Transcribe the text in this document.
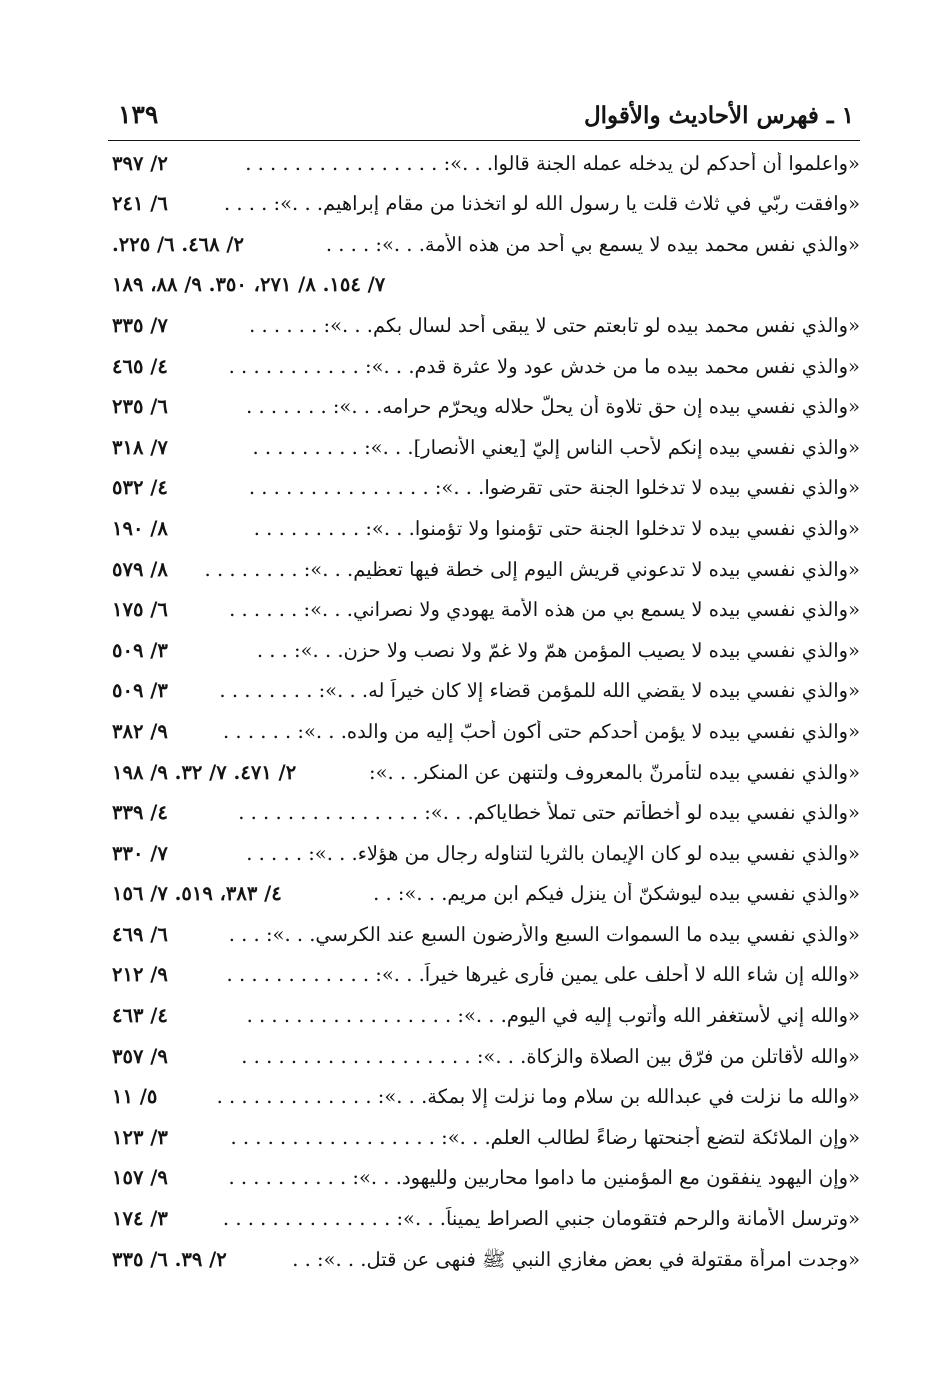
١ ـ فهرس الأحاديث والأقوال
١٣٩
«واعلموا أن أحدكم لن يدخله عمله الجنة قالوا. . .»: . . . . . . . . . . . . . . . .
٢/ ٣٩٧
«وافقت ربّي في ثلاث قلت يا رسول الله لو اتخذنا من مقام إبراهيم. . .»: . . . .
٦/ ٢٤١
«والذي نفس محمد بيده لا يسمع بي أحد من هذه الأمة. . .»: . . . .
٢/ ٤٦٨. ٦/ ٢٢٥.
٧/ ١٥٤. ٨/ ٢٧١، ٣٥٠. ٩/ ٨٨، ١٨٩
«والذي نفس محمد بيده لو تابعتم حتى لا يبقى أحد لسال بكم. . .»: . . . . . .
٧/ ٣٣٥
«والذي نفس محمد بيده ما من خدش عود ولا عثرة قدم. . .»: . . . . . . . . . . .
٤/ ٤٦٥
«والذي نفسي بيده إن حق تلاوة أن يحلّ حلاله ويحرّم حرامه. . .»: . . . . . . .
٦/ ٢٣٥
«والذي نفسي بيده إنكم لأحب الناس إليّ [يعني الأنصار]. . .»: . . . . . . . . .
٧/ ٣١٨
«والذي نفسي بيده لا تدخلوا الجنة حتى تقرضوا. . .»: . . . . . . . . . . . . . . .
٤/ ٥٣٢
«والذي نفسي بيده لا تدخلوا الجنة حتى تؤمنوا ولا تؤمنوا. . .»: . . . . . . . . .
٨/ ١٩٠
«والذي نفسي بيده لا تدعوني قريش اليوم إلى خطة فيها تعظيم. . .»: . . . . . . . .
٨/ ٥٧٩
«والذي نفسي بيده لا يسمع بي من هذه الأمة يهودي ولا نصراني. . .»: . . . . . .
٦/ ١٧٥
«والذي نفسي بيده لا يصيب المؤمن همّ ولا غمّ ولا نصب ولا حزن. . .»: . . .
٣/ ٥٠٩
«والذي نفسي بيده لا يقضي الله للمؤمن قضاء إلا كان خيراً له. . .»: . . . . . . . .
٣/ ٥٠٩
«والذي نفسي بيده لا يؤمن أحدكم حتى أكون أحبّ إليه من والده. . .»: . . . . . .
٩/ ٣٨٢
«والذي نفسي بيده لتأمرنّ بالمعروف ولتنهن عن المنكر. . .»:
٢/ ٤٧١. ٧/ ٣٢. ٩/ ١٩٨
«والذي نفسي بيده لو أخطأتم حتى تملأ خطاياكم. . .»: . . . . . . . . . . . . . . .
٤/ ٣٣٩
«والذي نفسي بيده لو كان الإيمان بالثريا لتناوله رجال من هؤلاء. . .»: . . . . .
٧/ ٣٣٠
«والذي نفسي بيده ليوشكنّ أن ينزل فيكم ابن مريم. . .»: . .
٤/ ٣٨٣، ٥١٩. ٧/ ١٥٦
«والذي نفسي بيده ما السموات السبع والأرضون السبع عند الكرسي. . .»: . . .
٦/ ٤٦٩
«والله إن شاء الله لا أحلف على يمين فأرى غيرها خيراً. . .»: . . . . . . . . . . . .
٩/ ٢١٢
«والله إني لأستغفر الله وأتوب إليه في اليوم. . .»: . . . . . . . . . . . . . . . . .
٤/ ٤٦٣
«والله لأقاتلن من فرّق بين الصلاة والزكاة. . .»: . . . . . . . . . . . . . . . . . . .
٩/ ٣٥٧
«والله ما نزلت في عبدالله بن سلام وما نزلت إلا بمكة. . .»: . . . . . . . . . . . . .
٥/ ١١
«وإن الملائكة لتضع أجنحتها رضاءً لطالب العلم. . .»: . . . . . . . . . . . . . . . . .
٣/ ١٢٣
«وإن اليهود ينفقون مع المؤمنين ما داموا محاربين ولليهود. . .»: . . . . . . . . . .
٩/ ١٥٧
«وترسل الأمانة والرحم فتقومان جنبي الصراط يميناً. . .»: . . . . . . . . . . . . . .
٣/ ١٧٤
«وجدت امرأة مقتولة في بعض مغازي النبي ﷺ فنهى عن قتل. . .»: . .
٢/ ٣٩. ٦/ ٣٣٥
